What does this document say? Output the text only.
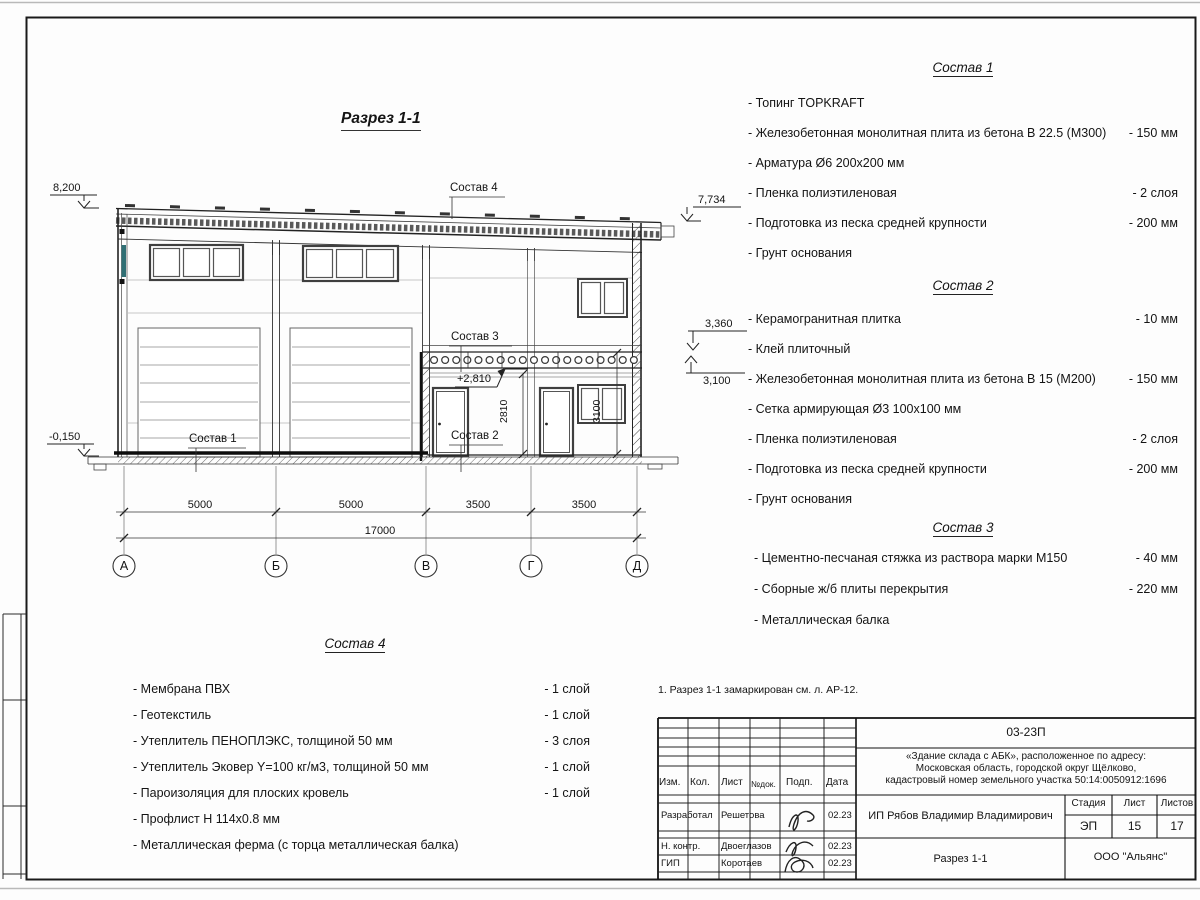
Разрез 1-1
8,200
-0,150
7,734
3,360
3,100
+2,810
Состав 4
Состав 3
Состав 2
Состав 1
5000	5000	3500	3500
17000
2810	3100
А	Б	В	Г	Д
Состав 1
- Топинг TOPKRAFT
- Железобетонная монолитная плита из бетона В 22.5 (М300) - 150 мм
- Арматура Ø6 200х200 мм
- Пленка полиэтиленовая	- 2 слоя
- Подготовка из песка средней крупности	- 200 мм
- Грунт основания
Состав 2
- Керамогранитная плитка	- 10 мм
- Клей плиточный
- Железобетонная монолитная плита из бетона В 15 (М200)	- 150 мм
- Сетка армирующая Ø3 100х100 мм
- Пленка полиэтиленовая	- 2 слоя
- Подготовка из песка средней крупности	- 200 мм
- Грунт основания
Состав 3
- Цементно-песчаная стяжка из раствора марки М150	- 40 мм
- Сборные ж/б плиты перекрытия	- 220 мм
- Металлическая балка
Состав 4
- Мембрана ПВХ	- 1 слой
- Геотекстиль	- 1 слой
- Утеплитель ПЕНОПЛЭКС, толщиной 50 мм	- 3 слоя
- Утеплитель Эковер Y=100 кг/м3, толщиной 50 мм	- 1 слой
- Пароизоляция для плоских кровель	- 1 слой
- Профлист Н 114х0.8 мм
- Металлическая ферма (с торца металлическая балка)
1. Разрез 1-1 замаркирован см. л. АР-12.
Изм. Кол. Лист №док. Подп. Дата
Разработал Решетова	02.23
Н. контр. Двоеглазов	02.23
ГИП	Коротаев	02.23
03-23П
«Здание склада с АБК», расположенное по адресу:
Московская область, городской округ Щёлково,
кадастровый номер земельного участка 50:14:0050912:1696
ИП Рябов Владимир Владимирович
Стадия	Лист	Листов
ЭП	15	17
Разрез 1-1	ООО "Альянс"
